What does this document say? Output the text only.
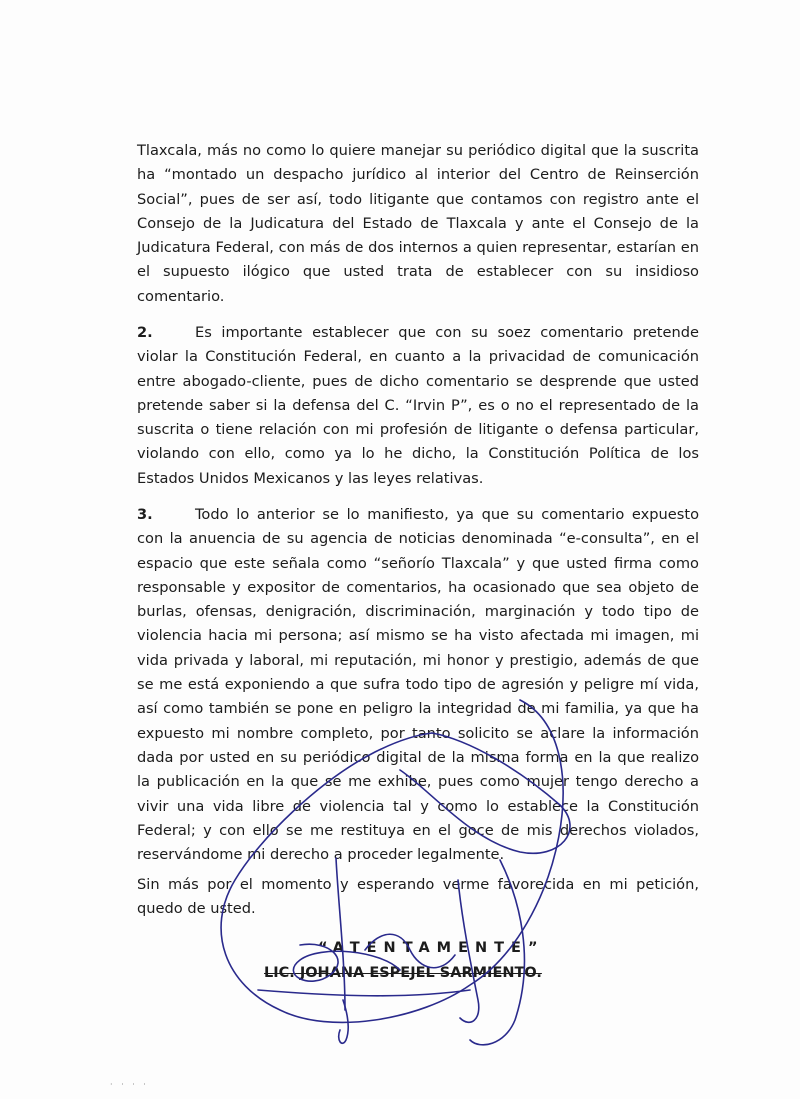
Tlaxcala, más no como lo quiere manejar su periódico digital que la suscrita ha “montado un despacho jurídico al interior del Centro de Reinserción Social”, pues de ser así, todo litigante que contamos con registro ante el Consejo de la Judicatura del Estado de Tlaxcala y ante el Consejo de la Judicatura Federal, con más de dos internos a quien representar, estarían en el supuesto ilógico que usted trata de establecer con su insidioso comentario.

2.	Es importante establecer que con su soez comentario pretende violar la Constitución Federal, en cuanto a la privacidad de comunicación entre abogado-cliente, pues de dicho comentario se desprende que usted pretende saber si la defensa del C. “Irvin P”, es o no el representado de la suscrita o tiene relación con mi profesión de litigante o defensa particular, violando con ello, como ya lo he dicho, la Constitución Política de los Estados Unidos Mexicanos y las leyes relativas.

3.	Todo lo anterior se lo manifiesto, ya que su comentario expuesto con la anuencia de su agencia de noticias denominada “e-consulta”, en el espacio que este señala como “señorío Tlaxcala” y que usted firma como responsable y expositor de comentarios, ha ocasionado que sea objeto de burlas, ofensas, denigración, discriminación, marginación y todo tipo de violencia hacia mi persona; así mismo se ha visto afectada mi imagen, mi vida privada y laboral, mi reputación, mi honor y prestigio, además de que se me está exponiendo a que sufra todo tipo de agresión y peligre mí vida, así como también se pone en peligro la integridad de mi familia, ya que ha expuesto mi nombre completo, por tanto solicito se aclare la información dada por usted en su periódico digital de la misma forma en la que realizo la publicación en la que se me exhibe, pues como mujer tengo derecho a vivir una vida libre de violencia tal y como lo establece la Constitución Federal; y con ello se me restituya en el goce de mis derechos violados, reservándome mi derecho a proceder legalmente.

Sin más por el momento y esperando verme favorecida en mi petición, quedo de usted.

“ATENTAMENTE”

LIC. JOHANA ESPEJEL SARMIENTO.

· · · ·
